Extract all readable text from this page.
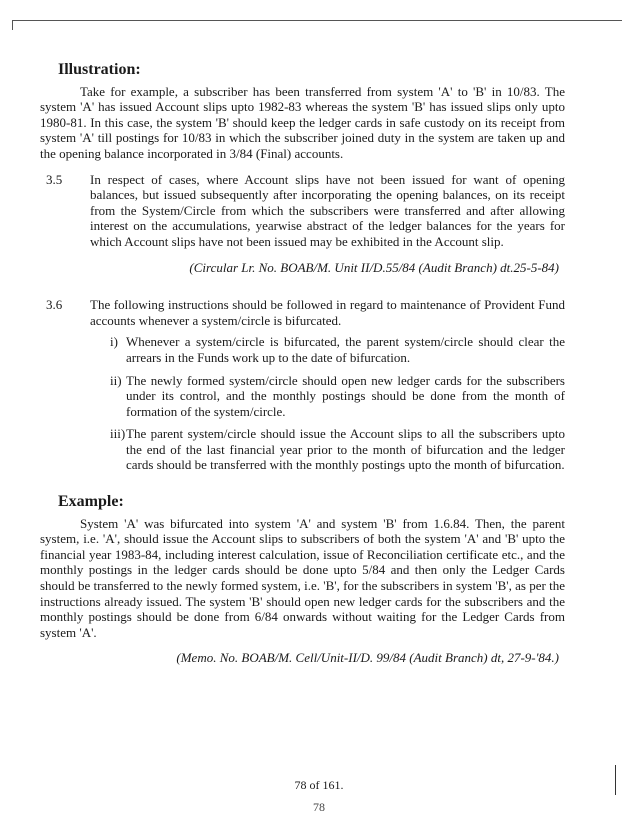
Illustration:

Take for example, a subscriber has been transferred from system 'A' to 'B' in 10/83. The system 'A' has issued Account slips upto 1982-83 whereas the system 'B' has issued slips only upto 1980-81. In this case, the system 'B' should keep the ledger cards in safe custody on its receipt from system 'A' till postings for 10/83 in which the subscriber joined duty in the system are taken up and the opening balance incorporated in 3/84 (Final) accounts.

3.5	In respect of cases, where Account slips have not been issued for want of opening balances, but issued subsequently after incorporating the opening balances, on its receipt from the System/Circle from which the subscribers were transferred and after allowing interest on the accumulations, yearwise abstract of the ledger balances for the years for which Account slips have not been issued may be exhibited in the Account slip.

(Circular Lr. No. BOAB/M. Unit II/D.55/84 (Audit Branch) dt.25-5-84)

3.6	The following instructions should be followed in regard to maintenance of Provident Fund accounts whenever a system/circle is bifurcated.

i) Whenever a system/circle is bifurcated, the parent system/circle should clear the arrears in the Funds work up to the date of bifurcation.
ii) The newly formed system/circle should open new ledger cards for the subscribers under its control, and the monthly postings should be done from the month of formation of the system/circle.
iii) The parent system/circle should issue the Account slips to all the subscribers upto the end of the last financial year prior to the month of bifurcation and the ledger cards should be transferred with the monthly postings upto the month of bifurcation.
Example:

System 'A' was bifurcated into system 'A' and system 'B' from 1.6.84. Then, the parent system, i.e. 'A', should issue the Account slips to subscribers of both the system 'A' and 'B' upto the financial year 1983-84, including interest calculation, issue of Reconciliation certificate etc., and the monthly postings in the ledger cards should be done upto 5/84 and then only the Ledger Cards should be transferred to the newly formed system, i.e. 'B', for the subscribers in system 'B', as per the instructions already issued. The system 'B' should open new ledger cards for the subscribers and the monthly postings should be done from 6/84 onwards without waiting for the Ledger Cards from system 'A'.

(Memo. No. BOAB/M. Cell/Unit-II/D. 99/84 (Audit Branch) dt, 27-9-'84.)

78 of 161.
78
